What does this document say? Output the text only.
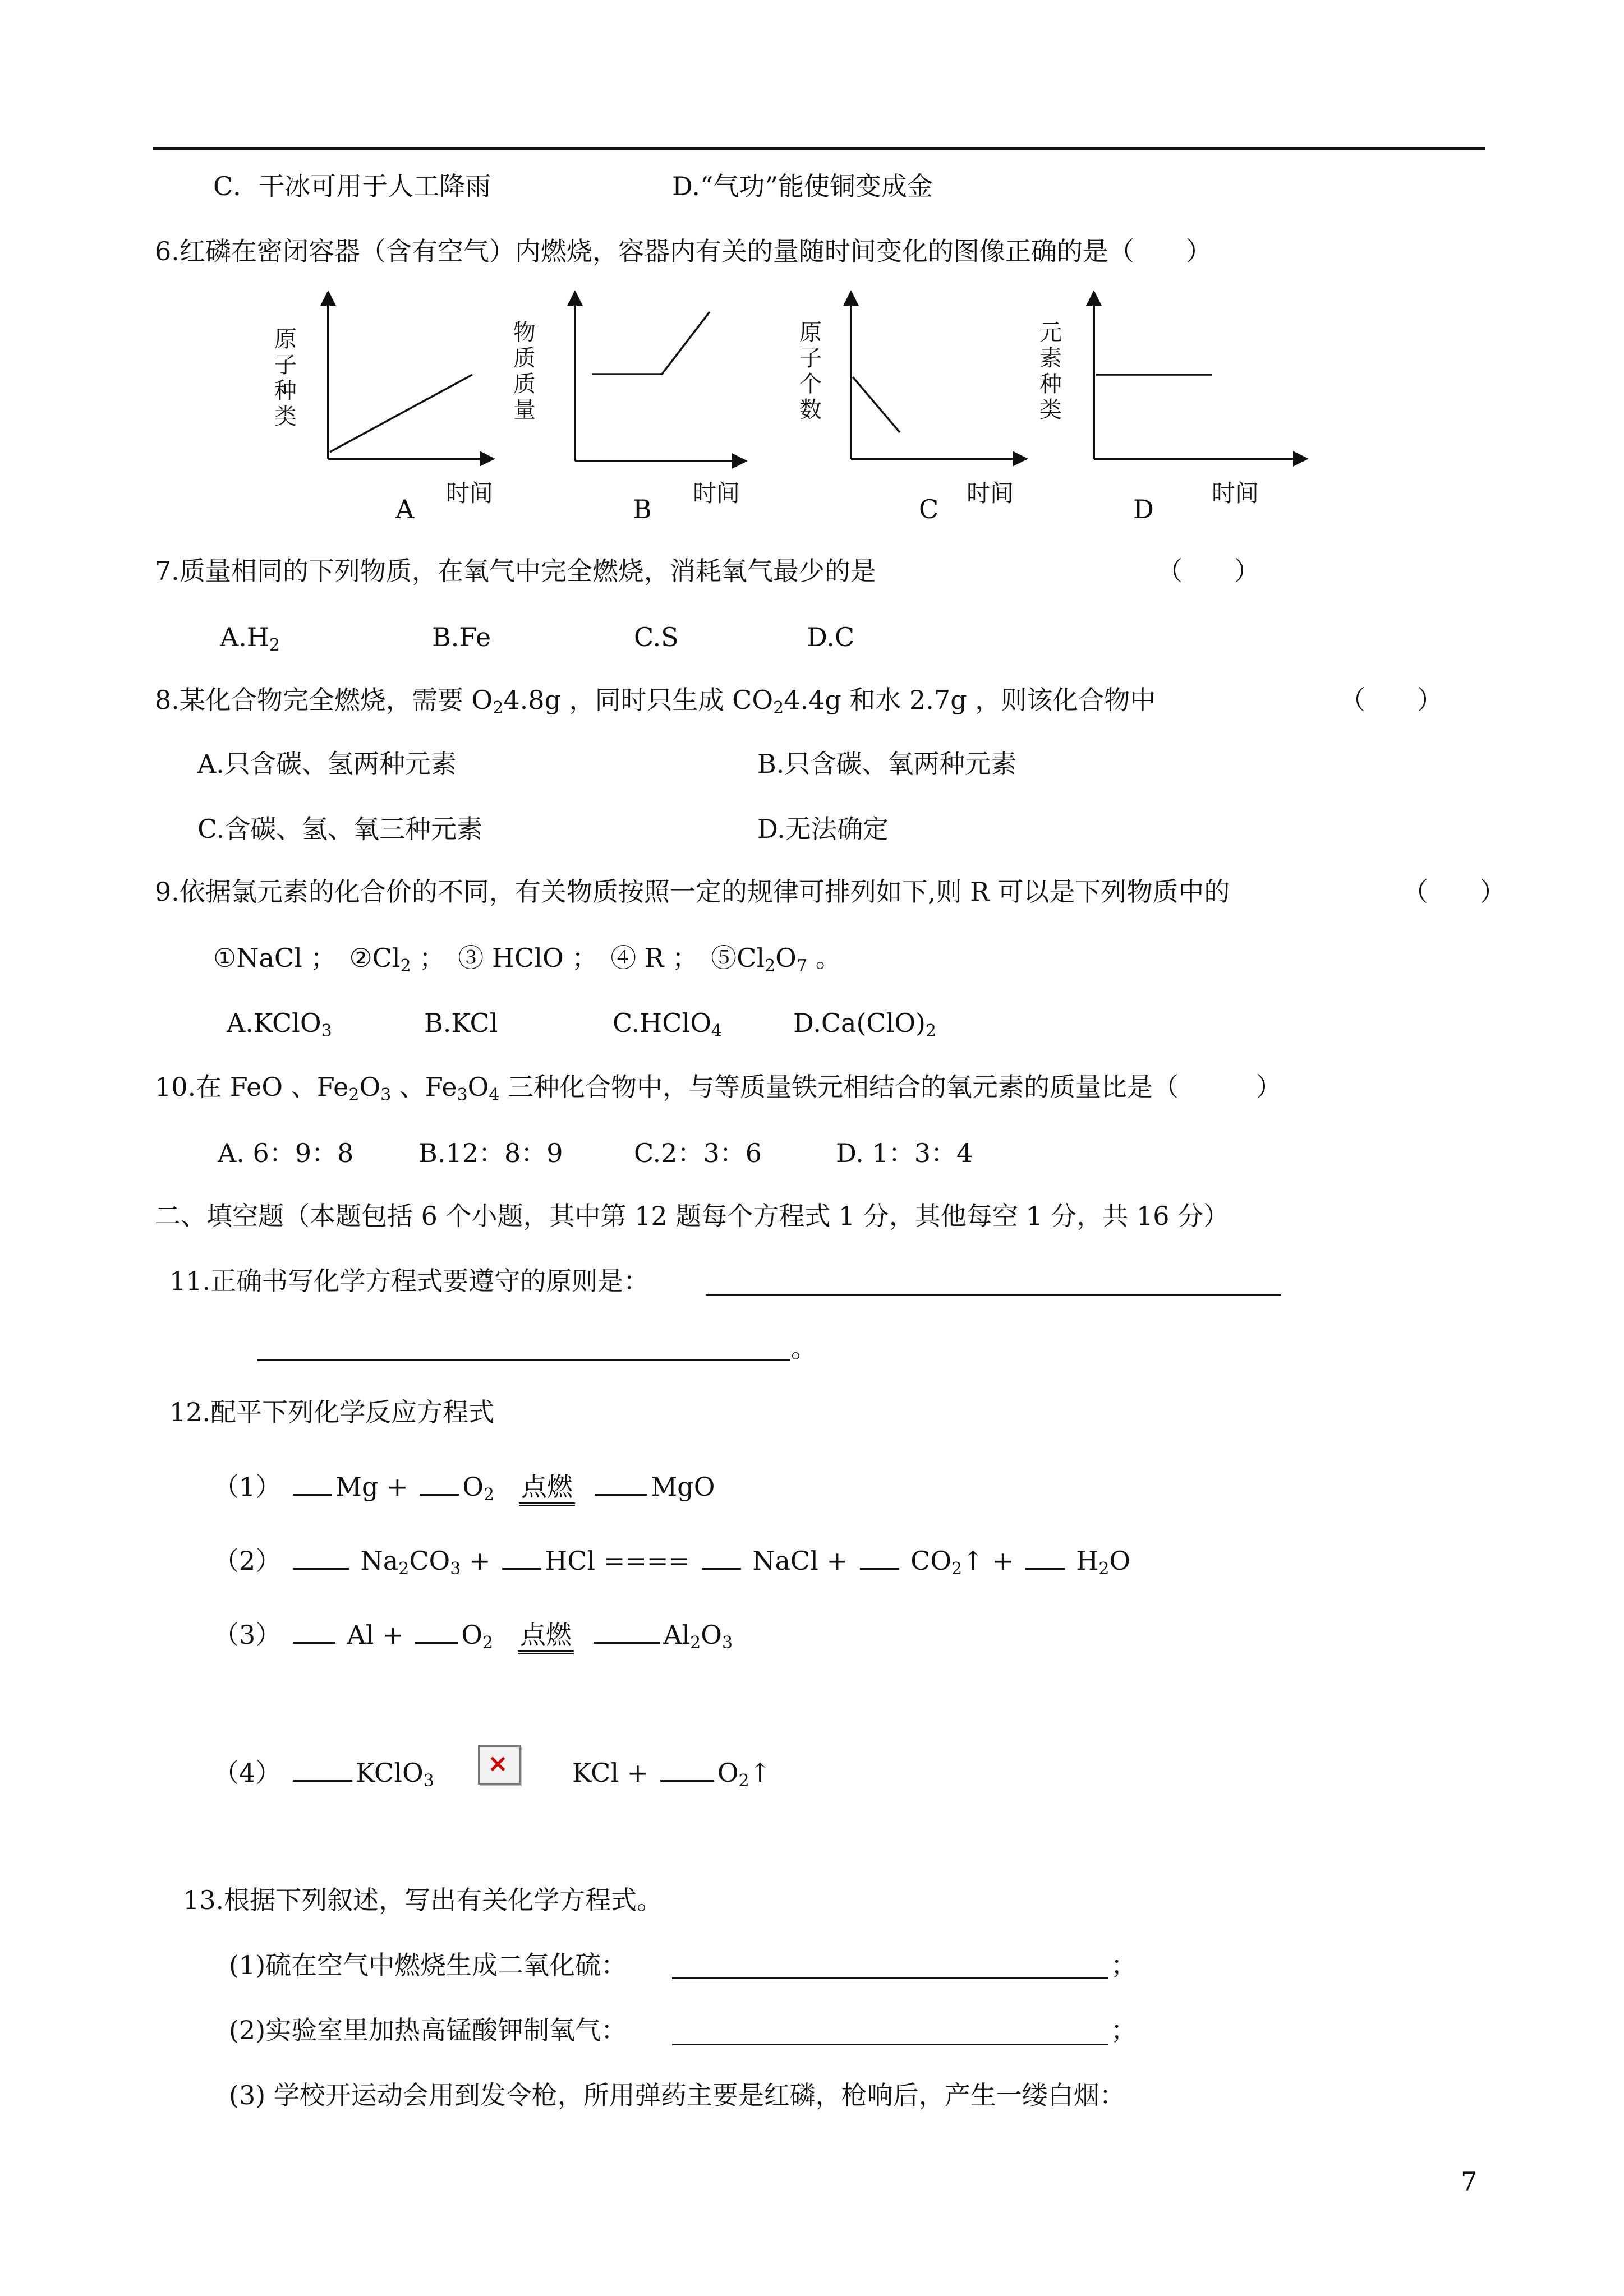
C．干冰可用于人工降雨	D.“气功”能使铜变成金
6.红磷在密闭容器（含有空气）内燃烧，容器内有关的量随时间变化的图像正确的是（　　）
原子种类
时间
A
物质质量
时间
B
原子个数
时间
C
元素种类
时间
D
7.质量相同的下列物质，在氧气中完全燃烧，消耗氧气最少的是	（　　）
$A.H_2$	B.Fe	C.S	D.C
8.某化合物完全燃烧，需要 $O_24.8g$ ，同时只生成 $CO_24.4g$ 和水 2.7g ，则该化合物中	（　　）
A.只含碳、氢两种元素	B.只含碳、氧两种元素
C.含碳、氢、氧三种元素	D.无法确定
9.依据氯元素的化合价的不同，有关物质按照一定的规律可排列如下,则 R 可以是下列物质中的	（　　）
①NaCl ；　$②Cl_2$ ；　③ HClO ；　④ R ；　$⑤Cl_2O_7$ 。
A.KClO$_3$	B.KCl	C.HClO$_4$	$D.Ca(ClO)_2$
10.在 FeO 、$Fe_2O_3$ 、$Fe_3O_4$ 三种化合物中，与等质量铁元相结合的氧元素的质量比是（　　　）
A. 6：9：8	B.12：8：9	C.2：3：6	D. 1：3：4
二、填空题（本题包括 6 个小题，其中第 12 题每个方程式 1 分，其他每空 1 分，共 16 分）
11.正确书写化学方程式要遵守的原则是：
。
12.配平下列化学反应方程式
（1） $Mg + O_2$ 点燃	MgO
（2）	$Na_2CO_3$ + HCl ==== NaCl + $CO_2↑ + H_2O$
（3）	$Al + O_2$ 点燃	$Al_2O_3$
（4）	KClO$_3$
× KCl +	$O_2↑$
13.根据下列叙述，写出有关化学方程式。
(1)硫在空气中燃烧生成二氧化硫：	；
(2)实验室里加热高锰酸钾制氧气：	；
(3) 学校开运动会用到发令枪，所用弹药主要是红磷，枪响后，产生一缕白烟：
7
